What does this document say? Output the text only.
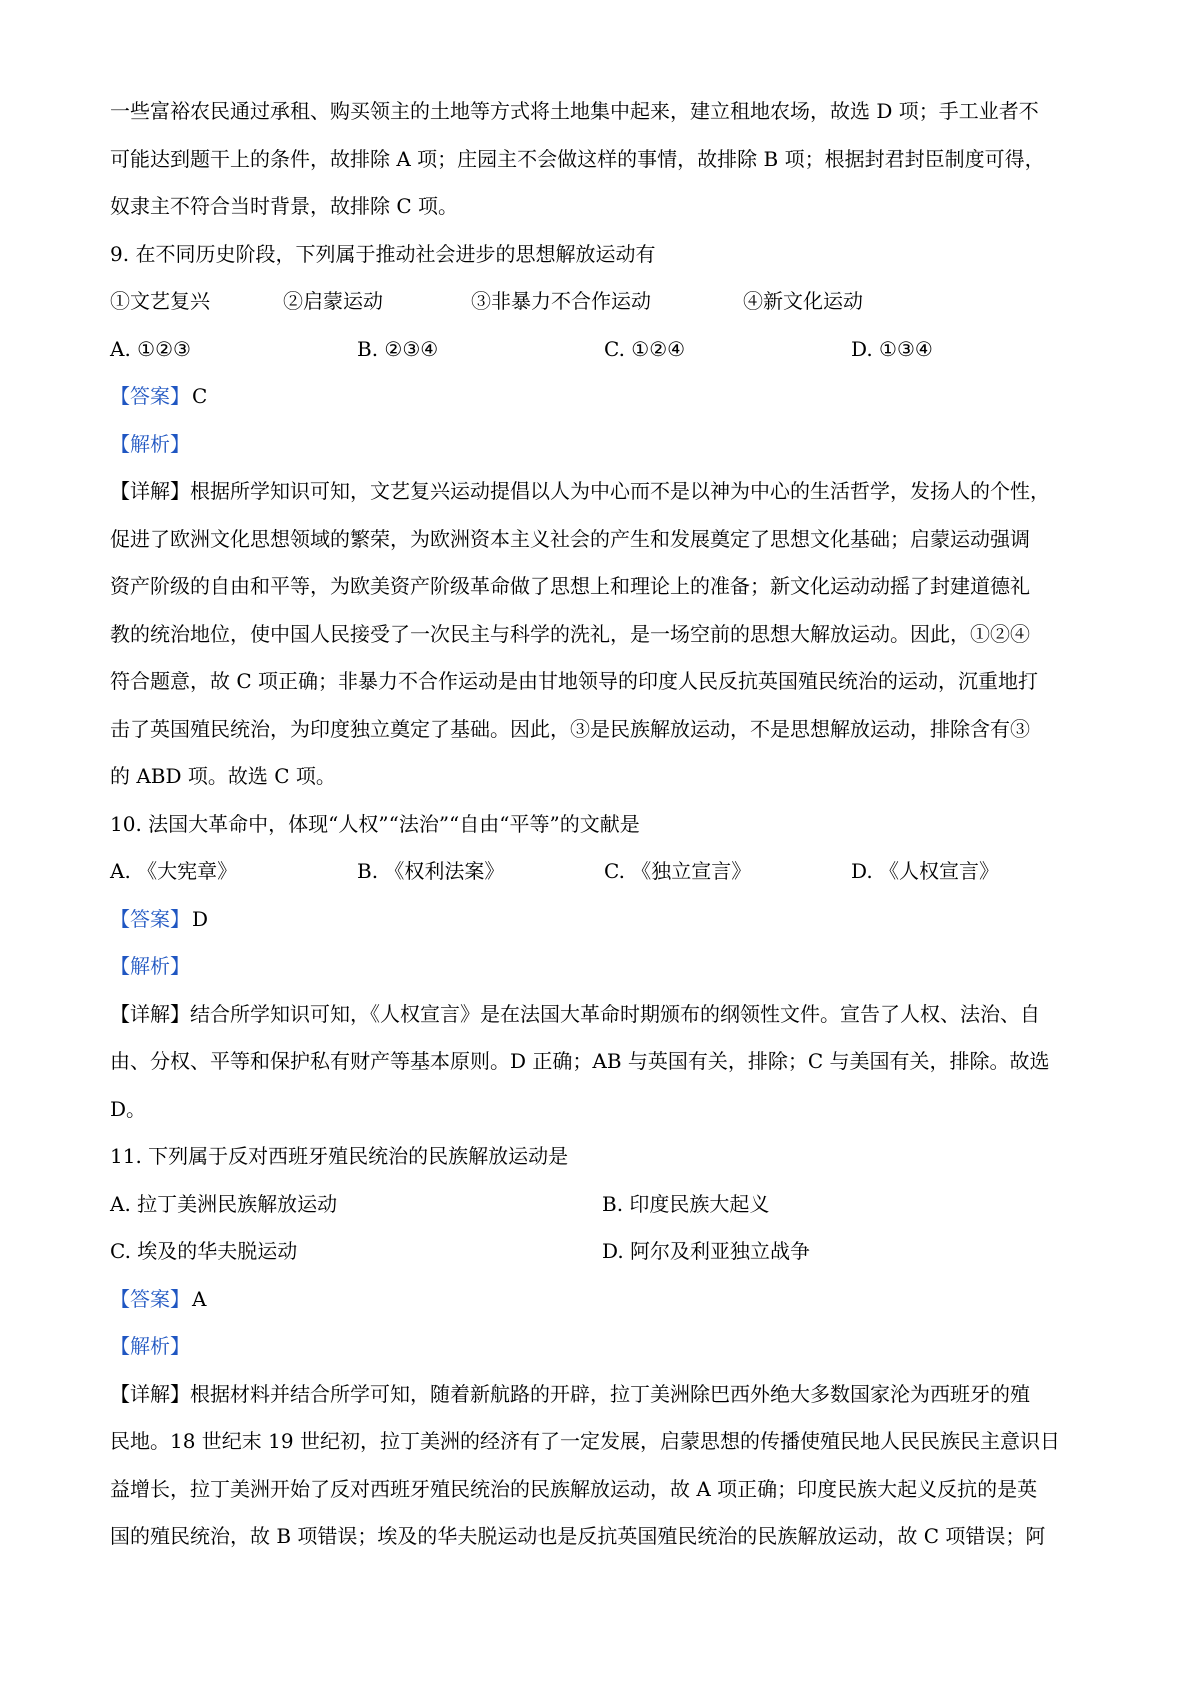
一些富裕农民通过承租、购买领主的土地等方式将土地集中起来，建立租地农场，故选 D 项；手工业者不
可能达到题干上的条件，故排除 A 项；庄园主不会做这样的事情，故排除 B 项；根据封君封臣制度可得，
奴隶主不符合当时背景，故排除 C 项。
9. 在不同历史阶段，下列属于推动社会进步的思想解放运动有
①文艺复兴	②启蒙运动	③非暴力不合作运动	④新文化运动
A. ①②③	B. ②③④	C. ①②④	D. ①③④
【答案】 C
【解析】
【详解】根据所学知识可知，文艺复兴运动提倡以人为中心而不是以神为中心的生活哲学，发扬人的个性，
促进了欧洲文化思想领域的繁荣，为欧洲资本主义社会的产生和发展奠定了思想文化基础；启蒙运动强调
资产阶级的自由和平等，为欧美资产阶级革命做了思想上和理论上的准备；新文化运动动摇了封建道德礼
教的统治地位，使中国人民接受了一次民主与科学的洗礼，是一场空前的思想大解放运动。因此，①②④
符合题意，故 C 项正确；非暴力不合作运动是由甘地领导的印度人民反抗英国殖民统治的运动，沉重地打
击了英国殖民统治，为印度独立奠定了基础。因此，③是民族解放运动，不是思想解放运动，排除含有③
的 ABD 项。故选 C 项。
10. 法国大革命中，体现“人权”“法治”“自由“平等”的文献是
A. 《大宪章》	B. 《权利法案》	C. 《独立宣言》	D. 《人权宣言》
【答案】 D
【解析】
【详解】结合所学知识可知，《人权宣言》是在法国大革命时期颁布的纲领性文件。宣告了人权、法治、自
由、分权、平等和保护私有财产等基本原则。D 正确；AB 与英国有关，排除；C 与美国有关，排除。故选
D。
11. 下列属于反对西班牙殖民统治的民族解放运动是
A. 拉丁美洲民族解放运动	B. 印度民族大起义
C. 埃及的华夫脱运动	D. 阿尔及利亚独立战争
【答案】 A
【解析】
【详解】根据材料并结合所学可知，随着新航路的开辟，拉丁美洲除巴西外绝大多数国家沦为西班牙的殖
民地。18 世纪末 19 世纪初，拉丁美洲的经济有了一定发展，启蒙思想的传播使殖民地人民民族民主意识日
益增长，拉丁美洲开始了反对西班牙殖民统治的民族解放运动，故 A 项正确；印度民族大起义反抗的是英
国的殖民统治，故 B 项错误；埃及的华夫脱运动也是反抗英国殖民统治的民族解放运动，故 C 项错误；阿
